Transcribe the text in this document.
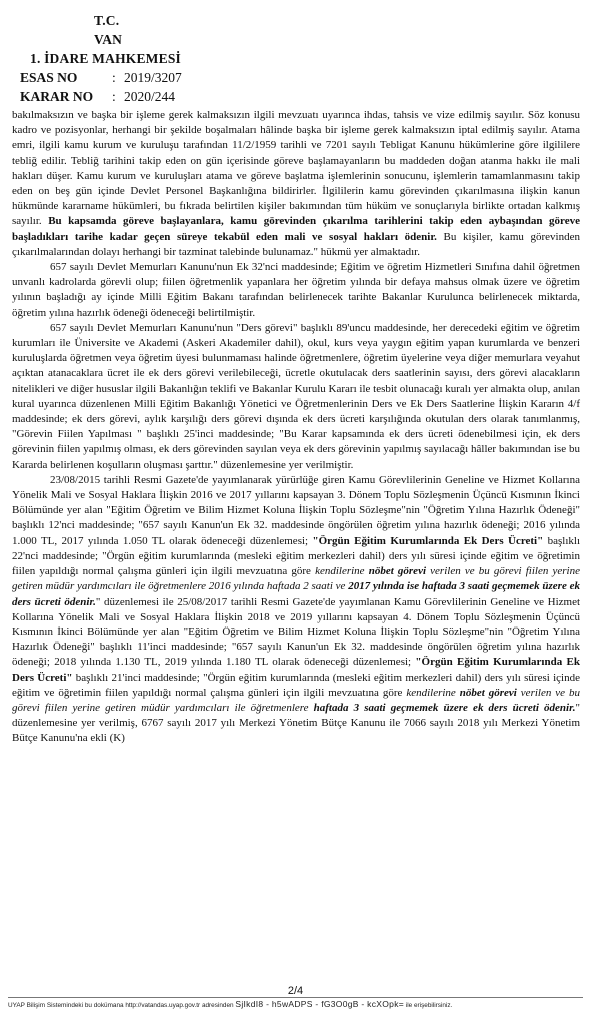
T.C.
VAN
1. İDARE MAHKEMESİ
ESAS NO	: 2019/3207
KARAR NO : 2020/244

bakılmaksızın ve başka bir işleme gerek kalmaksızın ilgili mevzuatı uyarınca ihdas, tahsis ve vize edilmiş sayılır. Söz konusu kadro ve pozisyonlar, herhangi bir şekilde boşalmaları hâlinde başka bir işleme gerek kalmaksızın iptal edilmiş sayılır. Atama emri, ilgili kamu kurum ve kuruluşu tarafından 11/2/1959 tarihli ve 7201 sayılı Tebligat Kanunu hükümlerine göre ilgililere tebliğ edilir. Tebliğ tarihini takip eden on gün içerisinde göreve başlamayanların bu maddeden doğan atanma hakkı ile mali hakları düşer. Kamu kurum ve kuruluşları atama ve göreve başlatma işlemlerinin sonucunu, işlemlerin tamamlanmasını takip eden on beş gün içinde Devlet Personel Başkanlığına bildirirler. İlgililerin kamu görevinden çıkarılmasına ilişkin kanun hükmünde kararname hükümleri, bu fıkrada belirtilen kişiler bakımından tüm hüküm ve sonuçlarıyla birlikte ortadan kalkmış sayılır. Bu kapsamda göreve başlayanlara, kamu görevinden çıkarılma tarihlerini takip eden aybaşından göreve başladıkları tarihe kadar geçen süreye tekabül eden mali ve sosyal hakları ödenir. Bu kişiler, kamu görevinden çıkarılmalarından dolayı herhangi bir tazminat talebinde bulunamaz." hükmü yer almaktadır.

657 sayılı Devlet Memurları Kanunu'nun Ek 32'nci maddesinde; Eğitim ve öğretim Hizmetleri Sınıfına dahil öğretmen unvanlı kadrolarda görevli olup; fiilen öğretmenlik yapanlara her öğretim yılında bir defaya mahsus olmak üzere ve öğretim yılının başladığı ay içinde Milli Eğitim Bakanı tarafından belirlenecek tarihte Bakanlar Kurulunca belirlenecek miktarda, öğretim yılına hazırlık ödeneği ödeneceği belirtilmiştir.

657 sayılı Devlet Memurları Kanunu'nun "Ders görevi" başlıklı 89'uncu maddesinde, her derecedeki eğitim ve öğretim kurumları ile Üniversite ve Akademi (Askeri Akademiler dahil), okul, kurs veya yaygın eğitim yapan kurumlarda ve benzeri kuruluşlarda öğretmen veya öğretim üyesi bulunmaması halinde öğretmenlere, öğretim üyelerine veya diğer memurlara veyahut açıktan atanacaklara ücret ile ek ders görevi verilebileceği, ücretle okutulacak ders saatlerinin sayısı, ders görevi alacakların nitelikleri ve diğer hususlar ilgili Bakanlığın teklifi ve Bakanlar Kurulu Kararı ile tesbit olunacağı kuralı yer almakta olup, anılan kural uyarınca düzenlenen Milli Eğitim Bakanlığı Yönetici ve Öğretmenlerinin Ders ve Ek Ders Saatlerine İlişkin Kararın 4/f maddesinde; ek ders görevi, aylık karşılığı ders görevi dışında ek ders ücreti karşılığında okutulan ders olarak tanımlanmış, "Görevin Fiilen Yapılması " başlıklı 25'inci maddesinde; "Bu Karar kapsamında ek ders ücreti ödenebilmesi için, ek ders görevinin fiilen yapılmış olması, ek ders görevinden sayılan veya ek ders görevinin yapılmış sayılacağı hâller bakımından ise bu Kararda belirlenen koşulların oluşması şarttır." düzenlemesine yer verilmiştir.

23/08/2015 tarihli Resmi Gazete'de yayımlanarak yürürlüğe giren Kamu Görevlilerinin Geneline ve Hizmet Kollarına Yönelik Mali ve Sosyal Haklara İlişkin 2016 ve 2017 yıllarını kapsayan 3. Dönem Toplu Sözleşmenin Üçüncü Kısmının İkinci Bölümünde yer alan "Eğitim Öğretim ve Bilim Hizmet Koluna İlişkin Toplu Sözleşme"nin "Öğretim Yılına Hazırlık Ödeneği" başlıklı 12'nci maddesinde; "657 sayılı Kanun'un Ek 32. maddesinde öngörülen öğretim yılına hazırlık ödeneği; 2016 yılında 1.000 TL, 2017 yılında 1.050 TL olarak ödeneceği düzenlemesi; "Örgün Eğitim Kurumlarında Ek Ders Ücreti" başlıklı 22'nci maddesinde; "Örgün eğitim kurumlarında (mesleki eğitim merkezleri dahil) ders yılı süresi içinde eğitim ve öğretimin fiilen yapıldığı normal çalışma günleri için ilgili mevzuatına göre kendilerine nöbet görevi verilen ve bu görevi fiilen yerine getiren müdür yardımcıları ile öğretmenlere 2016 yılında haftada 2 saati ve 2017 yılında ise haftada 3 saati geçmemek üzere ek ders ücreti ödenir." düzenlemesi ile 25/08/2017 tarihli Resmi Gazete'de yayımlanan Kamu Görevlilerinin Geneline ve Hizmet Kollarına Yönelik Mali ve Sosyal Haklara İlişkin 2018 ve 2019 yıllarını kapsayan 4. Dönem Toplu Sözleşmenin Üçüncü Kısmının İkinci Bölümünde yer alan "Eğitim Öğretim ve Bilim Hizmet Koluna İlişkin Toplu Sözleşme"nin "Öğretim Yılına Hazırlık Ödeneği" başlıklı 11'inci maddesinde; "657 sayılı Kanun'un Ek 32. maddesinde öngörülen öğretim yılına hazırlık ödeneği; 2018 yılında 1.130 TL, 2019 yılında 1.180 TL olarak ödeneceği düzenlemesi; "Örgün Eğitim Kurumlarında Ek Ders Ücreti" başlıklı 21'inci maddesinde; "Örgün eğitim kurumlarında (mesleki eğitim merkezleri dahil) ders yılı süresi içinde eğitim ve öğretimin fiilen yapıldığı normal çalışma günleri için ilgili mevzuatına göre kendilerine nöbet görevi verilen ve bu görevi fiilen yerine getiren müdür yardımcıları ile öğretmenlere haftada 3 saati geçmemek üzere ek ders ücreti ödenir." düzenlemesine yer verilmiş, 6767 sayılı 2017 yılı Merkezi Yönetim Bütçe Kanunu ile 7066 sayılı 2018 yılı Merkezi Yönetim Bütçe Kanunu'na ekli (K)

2/4
UYAP Bilişim Sistemindeki bu dokümana http://vatandas.uyap.gov.tr adresinden SjIkdI8 - h5wADPS - fG3O0gB - kcXOpk= ile erişebilirsiniz.
